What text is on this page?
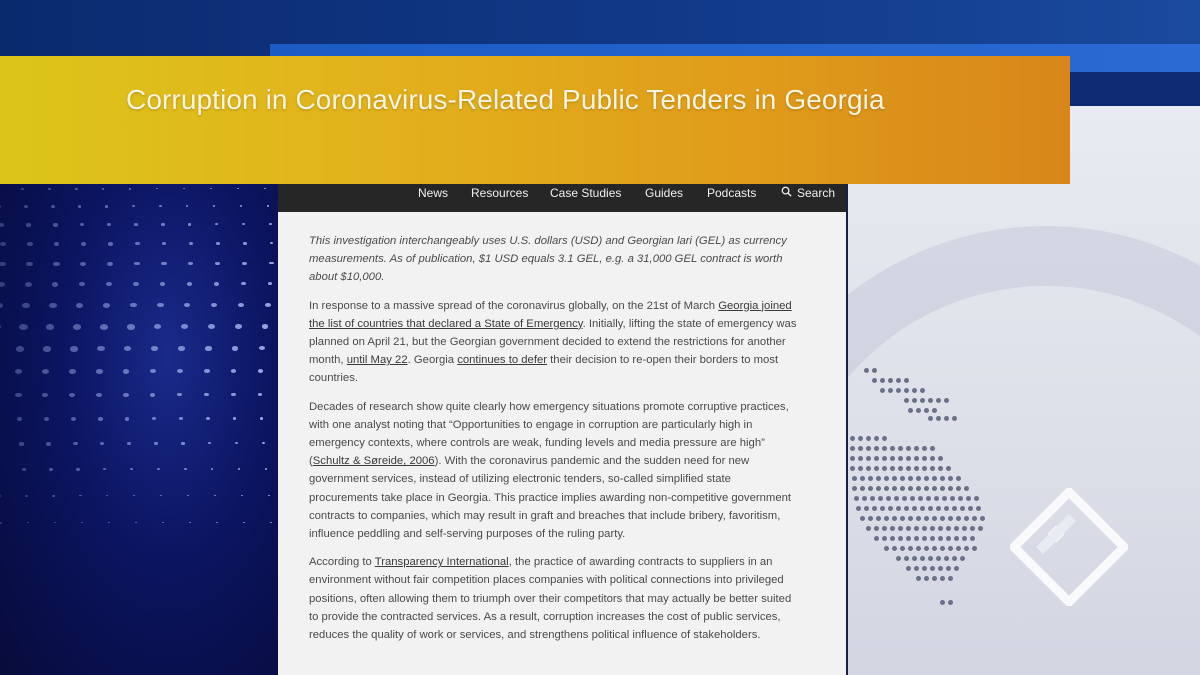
Corruption in Coronavirus-Related Public Tenders in Georgia
News Resources Case Studies Guides Podcasts	Search

This investigation interchangeably uses U.S. dollars (USD) and Georgian lari (GEL) as currency measurements. As of publication, $1 USD equals 3.1 GEL, e.g. a 31,000 GEL contract is worth about $10,000.

In response to a massive spread of the coronavirus globally, on the 21st of March Georgia joined the list of countries that declared a State of Emergency. Initially, lifting the state of emergency was planned on April 21, but the Georgian government decided to extend the restrictions for another month, until May 22. Georgia continues to defer their decision to re-open their borders to most countries.

Decades of research show quite clearly how emergency situations promote corruptive practices, with one analyst noting that “Opportunities to engage in corruption are particularly high in emergency contexts, where controls are weak, funding levels and media pressure are high” (Schultz & Søreide, 2006). With the coronavirus pandemic and the sudden need for new government services, instead of utilizing electronic tenders, so-called simplified state procurements take place in Georgia. This practice implies awarding non-competitive government contracts to companies, which may result in graft and breaches that include bribery, favoritism, influence peddling and self-serving purposes of the ruling party.

According to Transparency International, the practice of awarding contracts to suppliers in an environment without fair competition places companies with political connections into privileged positions, often allowing them to triumph over their competitors that may actually be better suited to provide the contracted services. As a result, corruption increases the cost of public services, reduces the quality of work or services, and strengthens political influence of stakeholders.
